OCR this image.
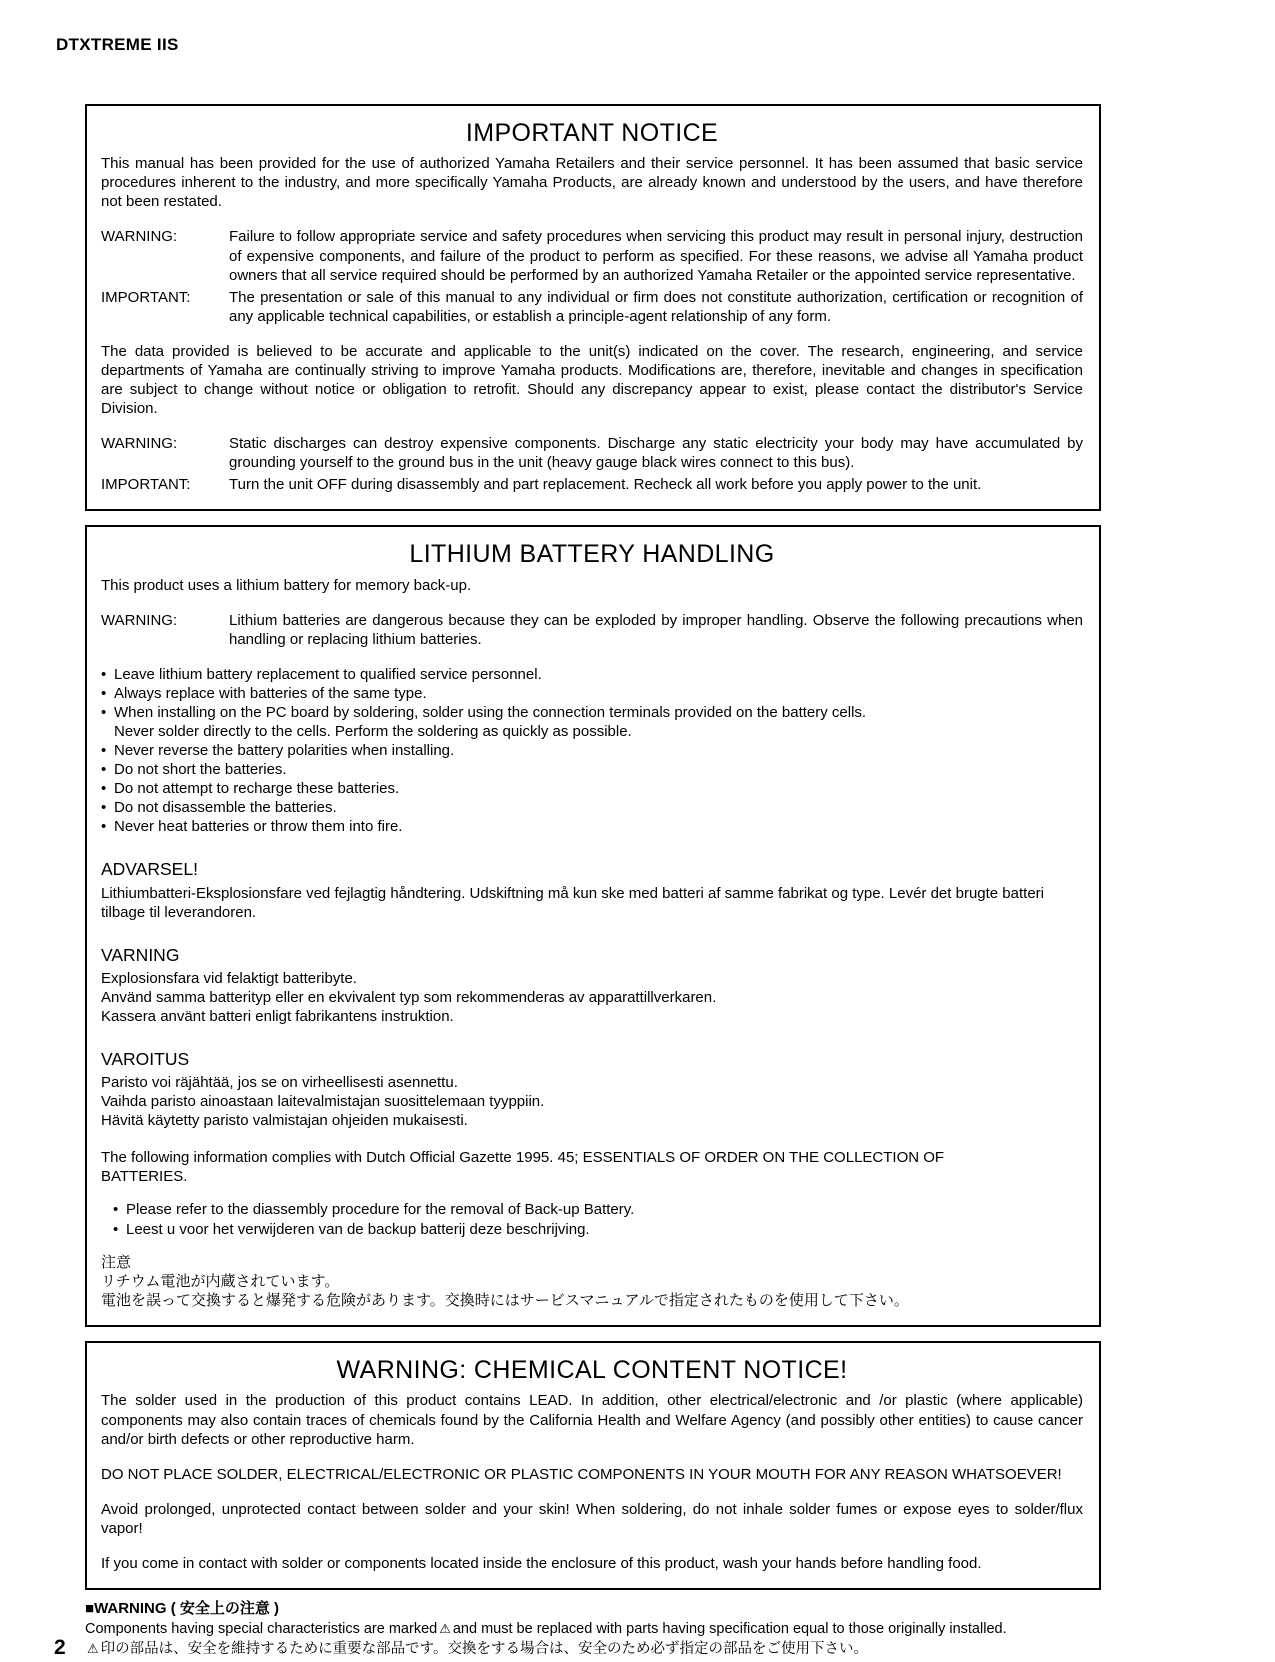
DTXTREME IIS
IMPORTANT NOTICE

This manual has been provided for the use of authorized Yamaha Retailers and their service personnel. It has been assumed that basic service procedures inherent to the industry, and more specifically Yamaha Products, are already known and understood by the users, and have therefore not been restated.

WARNING:	Failure to follow appropriate service and safety procedures when servicing this product may result in personal injury, destruction of expensive components, and failure of the product to perform as specified. For these reasons, we advise all Yamaha product owners that all service required should be performed by an authorized Yamaha Retailer or the appointed service representative.
IMPORTANT:	The presentation or sale of this manual to any individual or firm does not constitute authorization, certification or recognition of any applicable technical capabilities, or establish a principle-agent relationship of any form.

The data provided is believed to be accurate and applicable to the unit(s) indicated on the cover. The research, engineering, and service departments of Yamaha are continually striving to improve Yamaha products. Modifications are, therefore, inevitable and changes in specification are subject to change without notice or obligation to retrofit. Should any discrepancy appear to exist, please contact the distributor's Service Division.

WARNING:	Static discharges can destroy expensive components. Discharge any static electricity your body may have accumulated by grounding yourself to the ground bus in the unit (heavy gauge black wires connect to this bus).
IMPORTANT:	Turn the unit OFF during disassembly and part replacement. Recheck all work before you apply power to the unit.
LITHIUM BATTERY HANDLING

This product uses a lithium battery for memory back-up.

WARNING:	Lithium batteries are dangerous because they can be exploded by improper handling. Observe the following precautions when handling or replacing lithium batteries.
• Leave lithium battery replacement to qualified service personnel.
• Always replace with batteries of the same type.
• When installing on the PC board by soldering, solder using the connection terminals provided on the battery cells.
Never solder directly to the cells. Perform the soldering as quickly as possible.
• Never reverse the battery polarities when installing.
• Do not short the batteries.
• Do not attempt to recharge these batteries.
• Do not disassemble the batteries.
• Never heat batteries or throw them into fire.
ADVARSEL!

Lithiumbatteri-Eksplosionsfare ved fejlagtig håndtering. Udskiftning må kun ske med batteri af samme fabrikat og type. Levér det brugte batteri tilbage til leverandoren.

VARNING

Explosionsfara vid felaktigt batteribyte.

Använd samma batterityp eller en ekvivalent typ som rekommenderas av apparattillverkaren.

Kassera använt batteri enligt fabrikantens instruktion.

VAROITUS

Paristo voi räjähtää, jos se on virheellisesti asennettu.

Vaihda paristo ainoastaan laitevalmistajan suosittelemaan tyyppiin.

Hävitä käytetty paristo valmistajan ohjeiden mukaisesti.

The following information complies with Dutch Official Gazette 1995. 45; ESSENTIALS OF ORDER ON THE COLLECTION OF BATTERIES.

• Please refer to the diassembly procedure for the removal of Back-up Battery.
• Leest u voor het verwijderen van de backup batterij deze beschrijving.
注意
リチウム電池が内蔵されています。
電池を誤って交換すると爆発する危険があります。交換時にはサービスマニュアルで指定されたものを使用して下さい。
WARNING: CHEMICAL CONTENT NOTICE!

The solder used in the production of this product contains LEAD. In addition, other electrical/electronic and /or plastic (where applicable) components may also contain traces of chemicals found by the California Health and Welfare Agency (and possibly other entities) to cause cancer and/or birth defects or other reproductive harm.

DO NOT PLACE SOLDER, ELECTRICAL/ELECTRONIC OR PLASTIC COMPONENTS IN YOUR MOUTH FOR ANY REASON WHATSOEVER!

Avoid prolonged, unprotected contact between solder and your skin! When soldering, do not inhale solder fumes or expose eyes to solder/flux vapor!

If you come in contact with solder or components located inside the enclosure of this product, wash your hands before handling food.

■WARNING ( 安全上の注意 )
Components having special characteristics are marked ⚠ and must be replaced with parts having specification equal to those originally installed.
⚠ 印の部品は、安全を維持するために重要な部品です。交換をする場合は、安全のため必ず指定の部品をご使用下さい。
2
